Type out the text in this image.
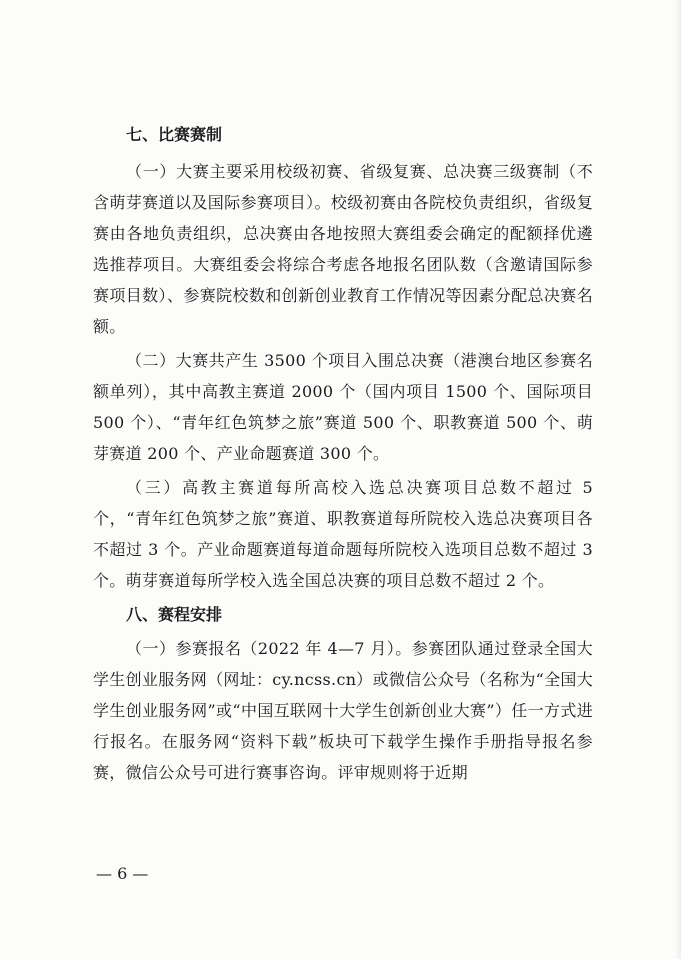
七、比赛赛制

（一）大赛主要采用校级初赛、省级复赛、总决赛三级赛制（不含萌芽赛道以及国际参赛项目）。校级初赛由各院校负责组织，省级复赛由各地负责组织，总决赛由各地按照大赛组委会确定的配额择优遴选推荐项目。大赛组委会将综合考虑各地报名团队数（含邀请国际参赛项目数）、参赛院校数和创新创业教育工作情况等因素分配总决赛名额。

（二）大赛共产生 3500 个项目入围总决赛（港澳台地区参赛名额单列），其中高教主赛道 2000 个（国内项目 1500 个、国际项目 500 个）、“青年红色筑梦之旅”赛道 500 个、职教赛道 500 个、萌芽赛道 200 个、产业命题赛道 300 个。

（三）高教主赛道每所高校入选总决赛项目总数不超过 5 个，“青年红色筑梦之旅”赛道、职教赛道每所院校入选总决赛项目各不超过 3 个。产业命题赛道每道命题每所院校入选项目总数不超过 3 个。萌芽赛道每所学校入选全国总决赛的项目总数不超过 2 个。

八、赛程安排

（一）参赛报名（2022 年 4—7 月）。参赛团队通过登录全国大学生创业服务网（网址：cy.ncss.cn）或微信公众号（名称为“全国大学生创业服务网”或“中国互联网十大学生创新创业大赛”）任一方式进行报名。在服务网“资料下载”板块可下载学生操作手册指导报名参赛，微信公众号可进行赛事咨询。评审规则将于近期

— 6 —
